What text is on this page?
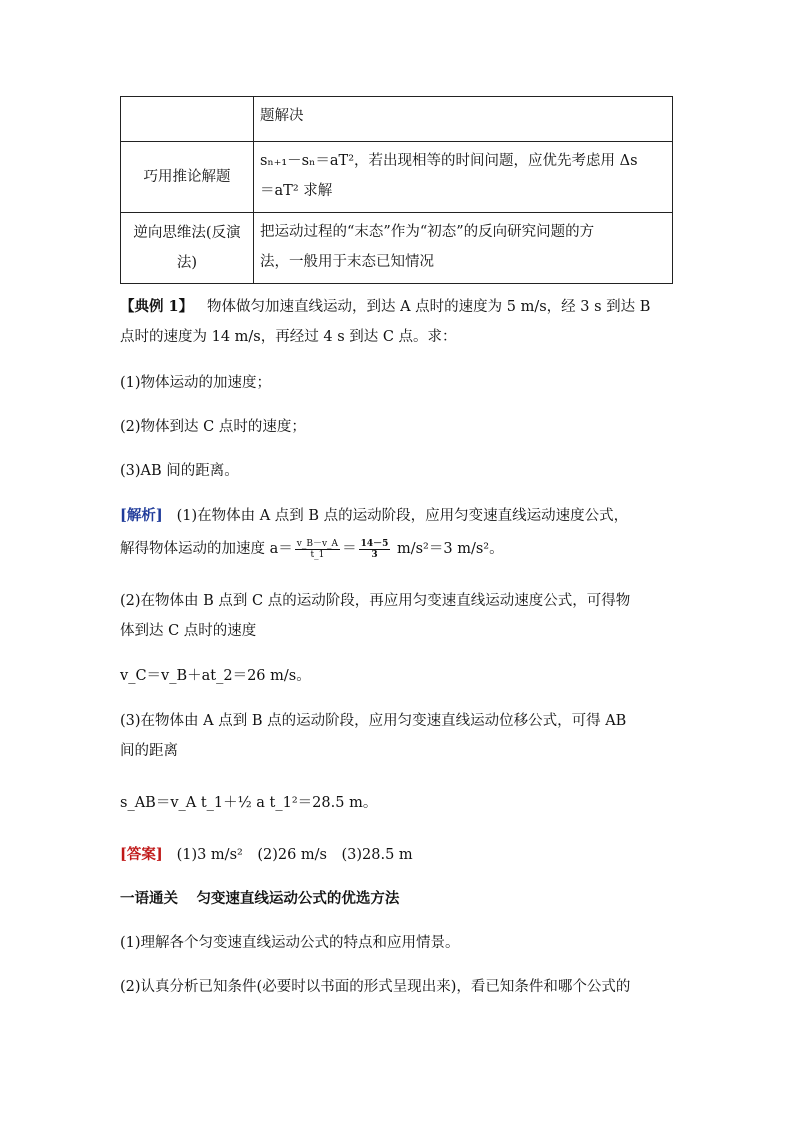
	题解决
巧用推论解题	sₙ₊₁－sₙ＝aT²，若出现相等的时间问题，应优先考虑用 Δs
＝aT² 求解

逆向思维法(反演法)	把运动过程的“末态”作为“初态”的反向研究问题的方
法，一般用于末态已知情况
【典例 1】 物体做匀加速直线运动，到达 A 点时的速度为 5 m/s，经 3 s 到达 B
点时的速度为 14 m/s，再经过 4 s 到达 C 点。求：
(1)物体运动的加速度；
(2)物体到达 C 点时的速度；
(3)AB 间的距离。
[解析] (1)在物体由 A 点到 B 点的运动阶段，应用匀变速直线运动速度公式，
解得物体运动的加速度 $a= \frac{v\_B-v\_A}{t\_1} = \frac{14-5}{3} m/s^2=3$ m/s²。
(2)在物体由 B 点到 C 点的运动阶段，再应用匀变速直线运动速度公式，可得物
体到达 C 点时的速度
v_C＝v_B＋at_2＝26 m/s。
(3)在物体由 A 点到 B 点的运动阶段，应用匀变速直线运动位移公式，可得 AB
间的距离
s_AB＝v_A t_1＋½ a t_1²＝28.5 m。
[答案] (1)3 m/s²　(2)26 m/s　(3)28.5 m
一语通关 匀变速直线运动公式的优选方法
(1)理解各个匀变速直线运动公式的特点和应用情景。
(2)认真分析已知条件(必要时以书面的形式呈现出来)，看已知条件和哪个公式的
